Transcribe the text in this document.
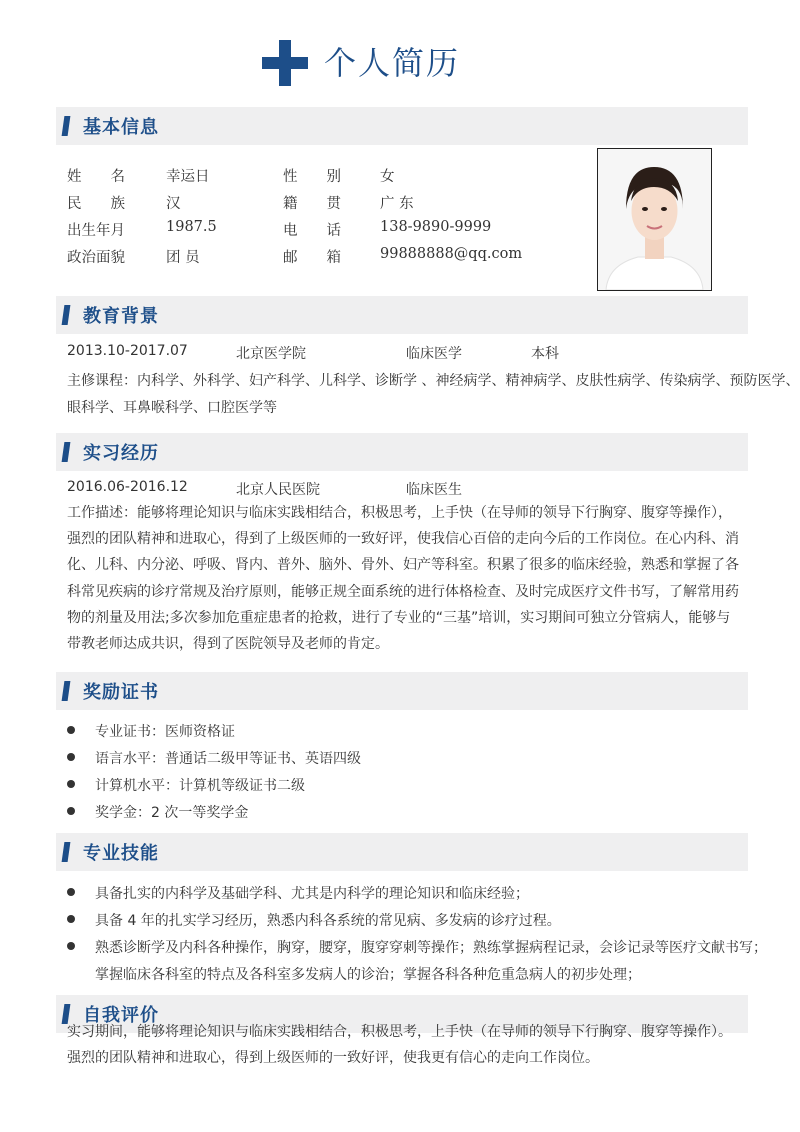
个人简历
基本信息
姓　　名	幸运日	性　　别	女
民　　族	汉	籍　　贯	广 东
出生年月	1987.5	电　　话	138-9890-9999
政治面貌	团 员	邮　　箱	99888888@qq.com
教育背景
2013.10-2017.07	北京医学院	临床医学	本科
主修课程：内科学、外科学、妇产科学、儿科学、诊断学 、神经病学、精神病学、皮肤性病学、传染病学、预防医学、
眼科学、耳鼻喉科学、口腔医学等
实习经历
2016.06-2016.12	北京人民医院	临床医生
工作描述：能够将理论知识与临床实践相结合，积极思考，上手快（在导师的领导下行胸穿、腹穿等操作），强烈的团队精神和进取心，得到了上级医师的一致好评，使我信心百倍的走向今后的工作岗位。在心内科、消化、儿科、内分泌、呼吸、肾内、普外、脑外、骨外、妇产等科室。积累了很多的临床经验，熟悉和掌握了各科常见疾病的诊疗常规及治疗原则，能够正规全面系统的进行体格检查、及时完成医疗文件书写，了解常用药物的剂量及用法;多次参加危重症患者的抢救，进行了专业的“三基”培训，实习期间可独立分管病人，能够与带教老师达成共识，得到了医院领导及老师的肯定。
奖励证书
专业证书：医师资格证
语言水平：普通话二级甲等证书、英语四级
计算机水平：计算机等级证书二级
奖学金：2 次一等奖学金
专业技能
具备扎实的内科学及基础学科、尤其是内科学的理论知识和临床经验；
具备 4 年的扎实学习经历，熟悉内科各系统的常见病、多发病的诊疗过程。
熟悉诊断学及内科各种操作，胸穿，腰穿，腹穿穿刺等操作；熟练掌握病程记录，会诊记录等医疗文献书写；
掌握临床各科室的特点及各科室多发病人的诊治；掌握各科各种危重急病人的初步处理；
自我评价
实习期间，能够将理论知识与临床实践相结合，积极思考，上手快（在导师的领导下行胸穿、腹穿等操作）。
强烈的团队精神和进取心，得到上级医师的一致好评，使我更有信心的走向工作岗位。
